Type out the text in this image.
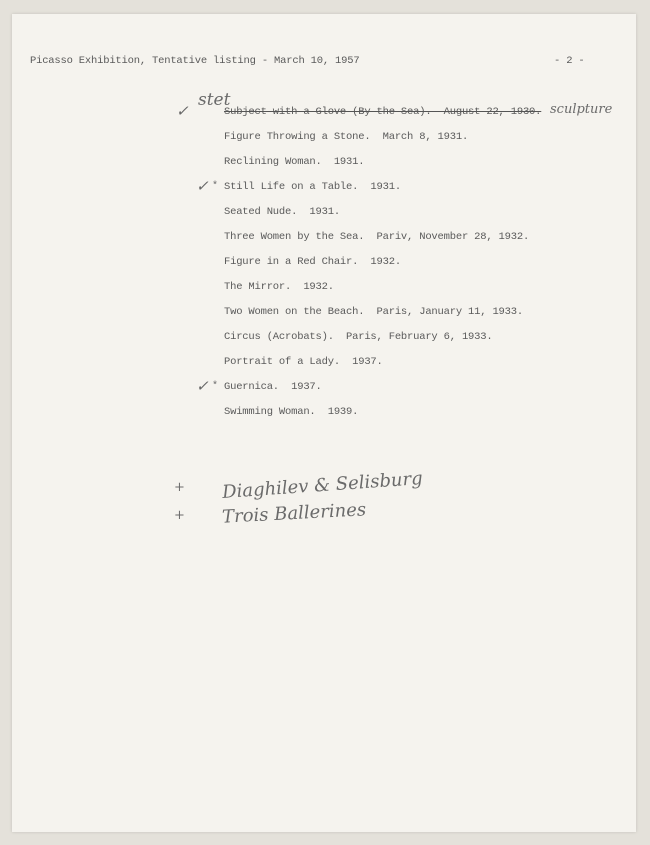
Picasso Exhibition, Tentative listing - March 10, 1957	- 2 -
Subject with a Glove (By the Sea).  August 22, 1930.
✓
stet	sculpture
Figure Throwing a Stone.  March 8, 1931.
Reclining Woman.  1931.
Still Life on a Table.  1931.
✓ *
Seated Nude.  1931.
Three Women by the Sea.  Pariv, November 28, 1932.
Figure in a Red Chair.  1932.
The Mirror.  1932.
Two Women on the Beach.  Paris, January 11, 1933.
Circus (Acrobats).  Paris, February 6, 1933.
Portrait of a Lady.  1937.
Guernica.  1937.
✓ *
Swimming Woman.  1939.
+ Diaghilev & Selisburg
+ Trois Ballerines
